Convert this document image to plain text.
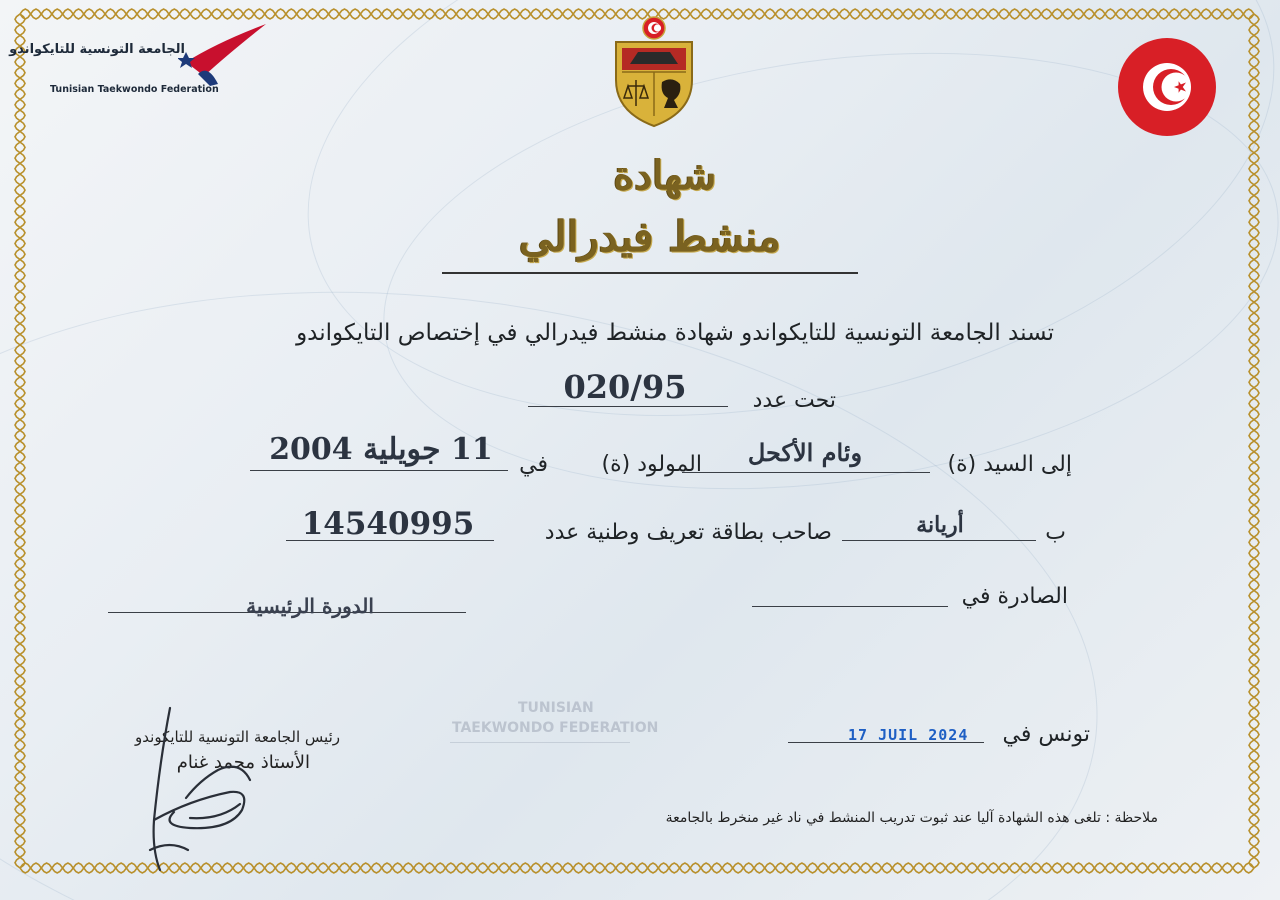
الجامعة التونسية للتايكواندو
Tunisian Taekwondo Federation
شهادة
منشط فيدرالي
تسند الجامعة التونسية للتايكواندو شهادة منشط فيدرالي في إختصاص التايكواندو
تحت عدد
020/95
إلى السيد (ة)
وئام الأكحل
المولود (ة)
في
11 جويلية 2004
ب
أريانة
صاحب بطاقة تعريف وطنية عدد
14540995
الصادرة في
الدورة الرئيسية
TUNISIAN
TAEKWONDO FEDERATION	تونس في
17 JUIL 2024
رئيس الجامعة التونسية للتايكوندو
الأستاذ محمد غنام
ملاحظة : تلغى هذه الشهادة آليا عند ثبوت تدريب المنشط في ناد غير منخرط بالجامعة
